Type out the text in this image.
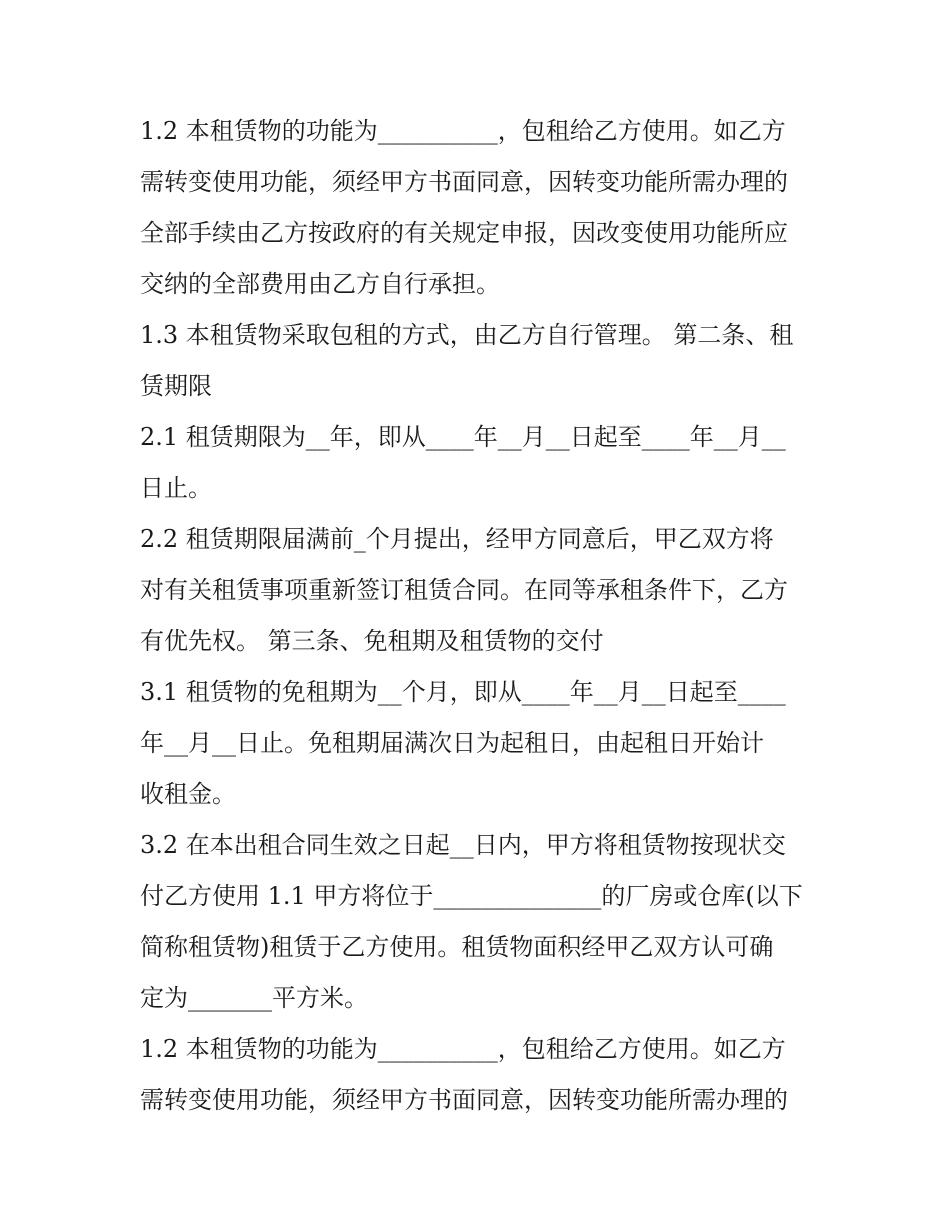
1.2 本租赁物的功能为__________，包租给乙方使用。如乙方
需转变使用功能，须经甲方书面同意，因转变功能所需办理的
全部手续由乙方按政府的有关规定申报，因改变使用功能所应
交纳的全部费用由乙方自行承担。
1.3 本租赁物采取包租的方式，由乙方自行管理。 第二条、租
赁期限
2.1 租赁期限为__年，即从____年__月__日起至____年__月__
日止。
2.2 租赁期限届满前_个月提出，经甲方同意后，甲乙双方将
对有关租赁事项重新签订租赁合同。在同等承租条件下，乙方
有优先权。 第三条、免租期及租赁物的交付
3.1 租赁物的免租期为__个月，即从____年__月__日起至____
年__月__日止。免租期届满次日为起租日，由起租日开始计
收租金。
3.2 在本出租合同生效之日起__日内，甲方将租赁物按现状交
付乙方使用 1.1 甲方将位于______________的厂房或仓库(以下
简称租赁物)租赁于乙方使用。租赁物面积经甲乙双方认可确
定为_______平方米。
1.2 本租赁物的功能为__________，包租给乙方使用。如乙方
需转变使用功能，须经甲方书面同意，因转变功能所需办理的
